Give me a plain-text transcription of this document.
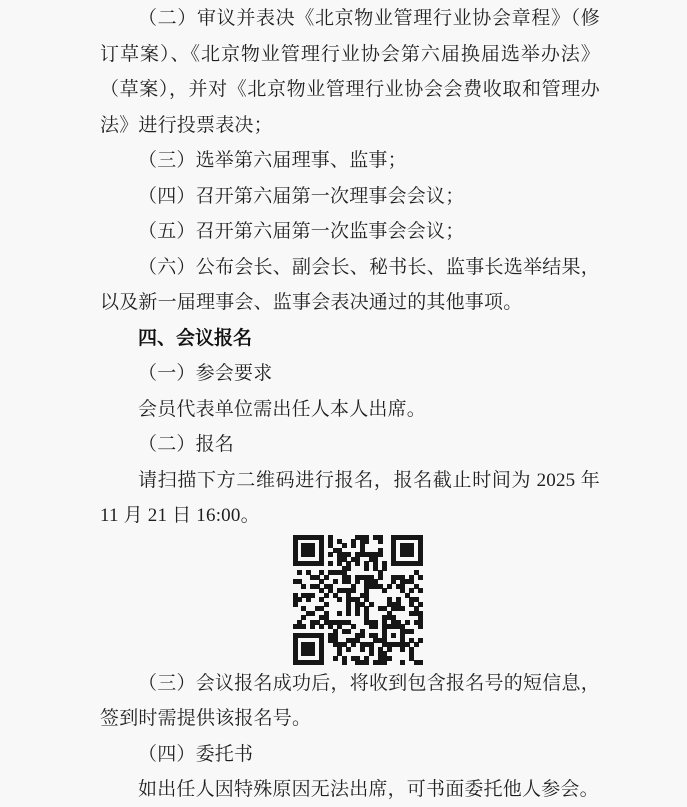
（二）审议并表决《北京物业管理行业协会章程》（修订草案）、《北京物业管理行业协会第六届换届选举办法》（草案），并对《北京物业管理行业协会会费收取和管理办法》进行投票表决；

（三）选举第六届理事、监事；

（四）召开第六届第一次理事会会议；

（五）召开第六届第一次监事会会议；

（六）公布会长、副会长、秘书长、监事长选举结果，以及新一届理事会、监事会表决通过的其他事项。

四、会议报名

（一）参会要求

会员代表单位需出任人本人出席。

（二）报名

请扫描下方二维码进行报名，报名截止时间为 2025 年 11 月 21 日 16:00。

（三）会议报名成功后，将收到包含报名号的短信息，签到时需提供该报名号。

（四）委托书

如出任人因特殊原因无法出席，可书面委托他人参会。
